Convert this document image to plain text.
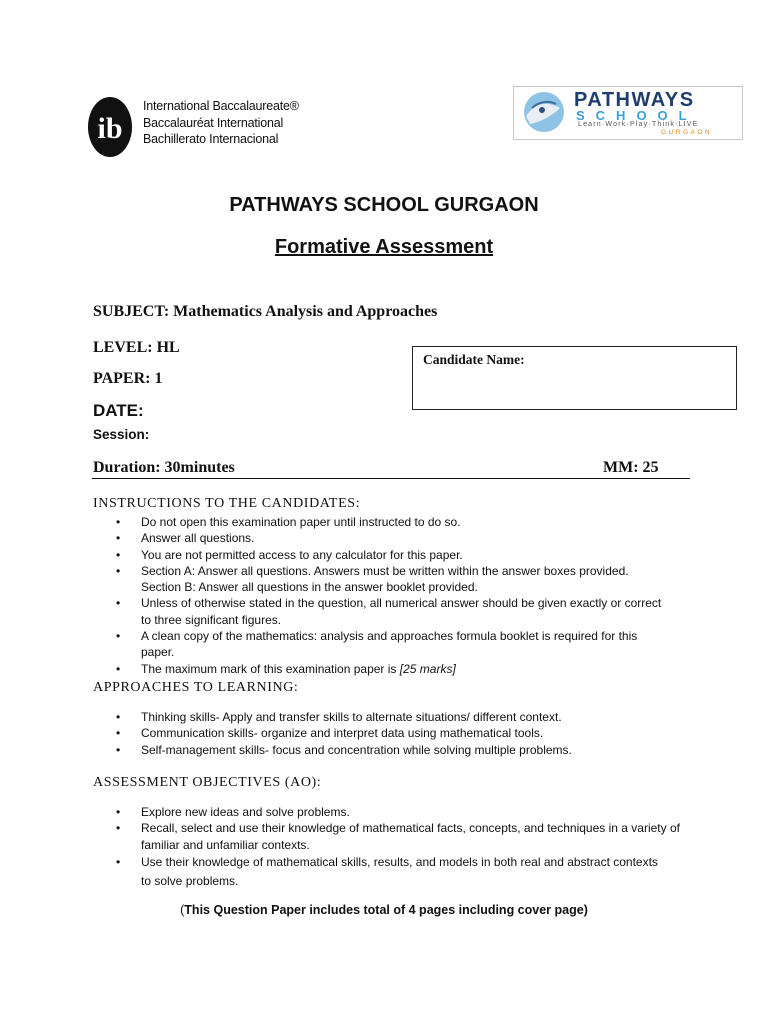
ib
International Baccalaureate®
Baccalauréat International
Bachillerato Internacional
PATHWAYS
SCHOOL
Learn·Work·Play·Think·LIVE
GURGAON
PATHWAYS SCHOOL GURGAON
Formative Assessment
SUBJECT: Mathematics Analysis and Approaches
LEVEL: HL
PAPER: 1
Candidate Name:
DATE:
Session:
Duration: 30minutes	MM: 25
INSTRUCTIONS TO THE CANDIDATES:
• Do not open this examination paper until instructed to do so.
• Answer all questions.
• You are not permitted access to any calculator for this paper.
• Section A: Answer all questions. Answers must be written within the answer boxes provided.
Section B: Answer all questions in the answer booklet provided.
• Unless of otherwise stated in the question, all numerical answer should be given exactly or correct to three significant figures.
• A clean copy of the mathematics: analysis and approaches formula booklet is required for this paper.
• The maximum mark of this examination paper is [25 marks]
APPROACHES TO LEARNING:
• Thinking skills- Apply and transfer skills to alternate situations/ different context.
• Communication skills- organize and interpret data using mathematical tools.
• Self-management skills- focus and concentration while solving multiple problems.
ASSESSMENT OBJECTIVES (AO):
• Explore new ideas and solve problems.
• Recall, select and use their knowledge of mathematical facts, concepts, and techniques in a variety of familiar and unfamiliar contexts.
• Use their knowledge of mathematical skills, results, and models in both real and abstract contexts to solve problems.
(This Question Paper includes total of 4 pages including cover page)
